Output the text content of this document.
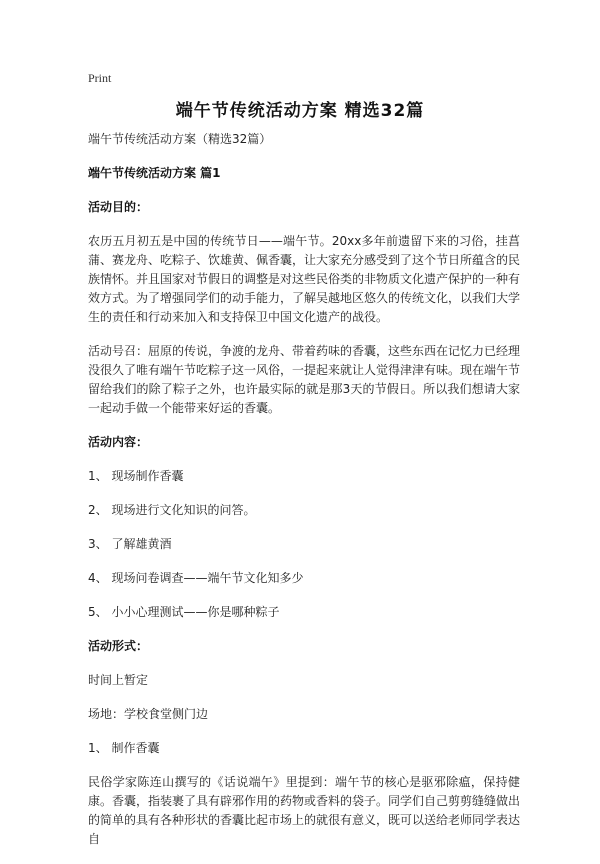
Print
端午节传统活动方案 精选32篇

端午节传统活动方案（精选32篇）

端午节传统活动方案 篇1
活动目的：

农历五月初五是中国的传统节日——端午节。20xx多年前遗留下来的习俗，挂菖蒲、赛龙舟、吃粽子、饮雄黄、佩香囊，让大家充分感受到了这个节日所蕴含的民族情怀。并且国家对节假日的调整是对这些民俗类的非物质文化遗产保护的一种有效方式。为了增强同学们的动手能力，了解吴越地区悠久的传统文化，以我们大学生的责任和行动来加入和支持保卫中国文化遗产的战役。

活动号召：屈原的传说，争渡的龙舟、带着药味的香囊，这些东西在记忆力已经理没很久了唯有端午节吃粽子这一风俗，一提起来就让人觉得津津有味。现在端午节留给我们的除了粽子之外，也许最实际的就是那3天的节假日。所以我们想请大家一起动手做一个能带来好运的香囊。

活动内容：

1、 现场制作香囊

2、 现场进行文化知识的问答。

3、 了解雄黄酒

4、 现场问卷调查——端午节文化知多少

5、 小小心理测试——你是哪种粽子

活动形式：

时间上暂定

场地：学校食堂侧门边

1、 制作香囊

民俗学家陈连山撰写的《话说端午》里提到：端午节的核心是驱邪除瘟，保持健康。香囊，指装裹了具有辟邪作用的药物或香料的袋子。同学们自己剪剪缝缝做出的简单的具有各种形状的香囊比起市场上的就很有意义，既可以送给老师同学表达自
